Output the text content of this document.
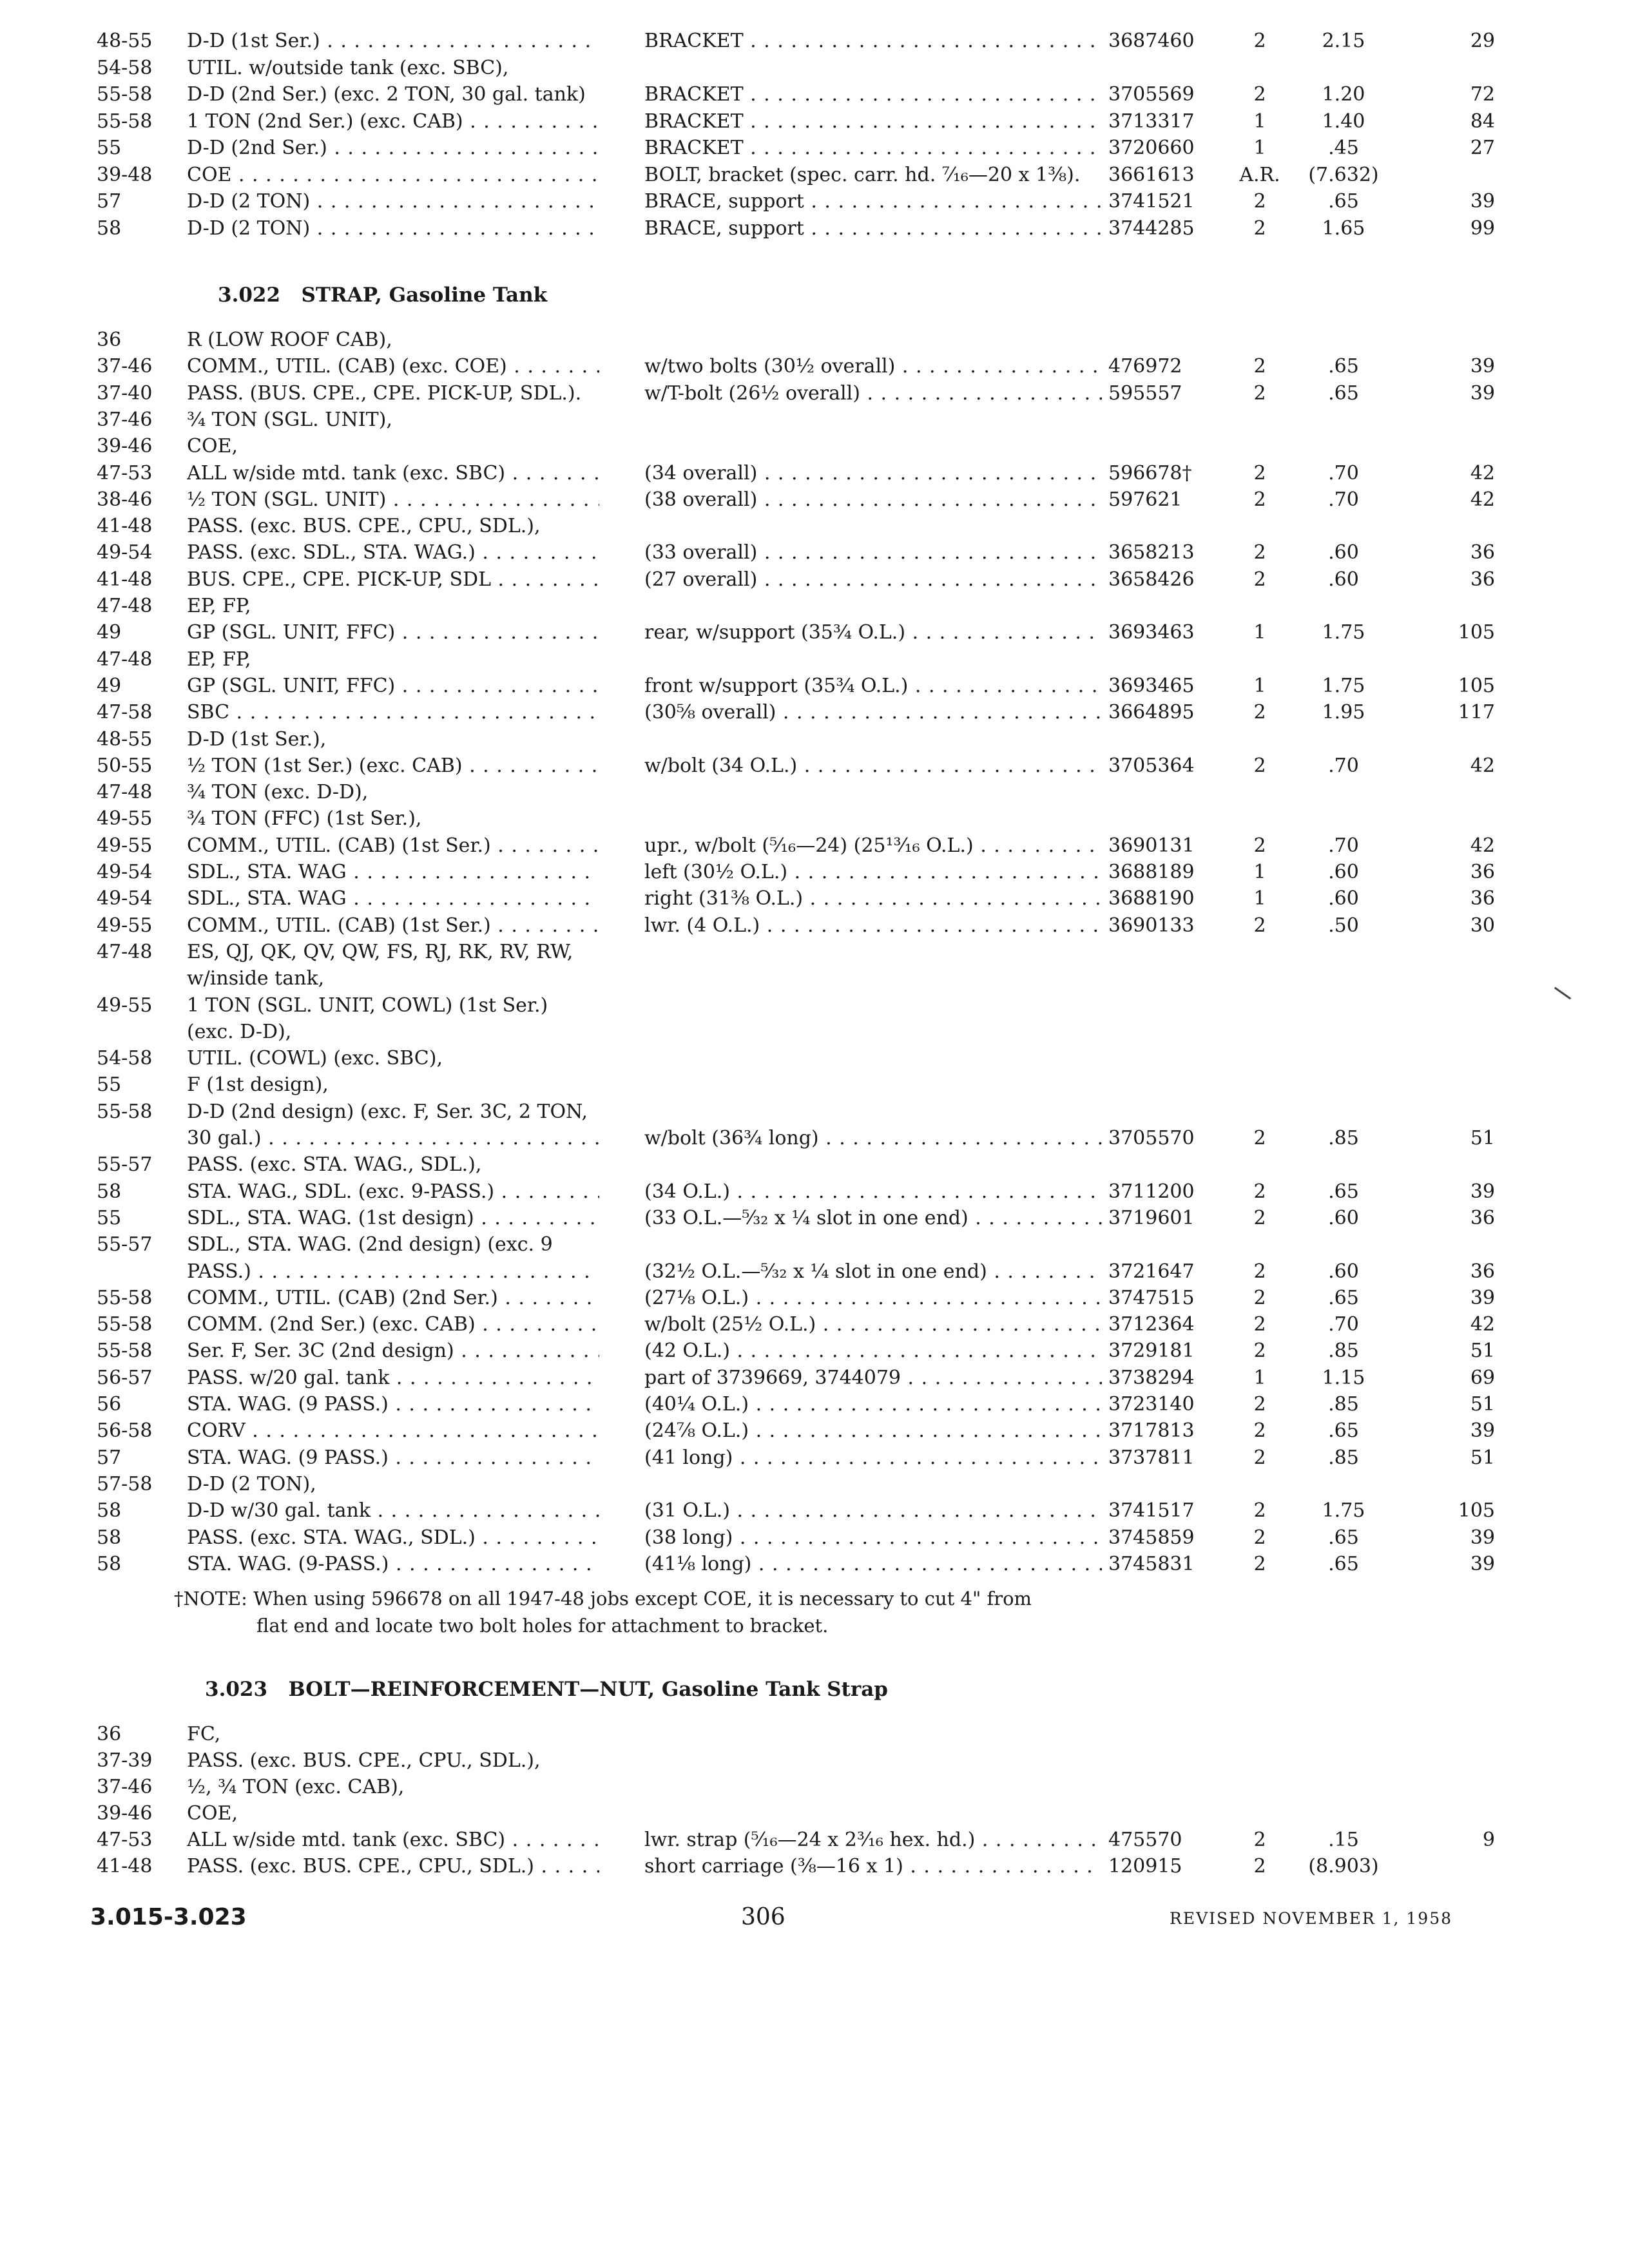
48-55	D-D (1st Ser.) . . .	BRACKET . . .	3687460	2	2.15	29
54-58	UTIL. w/outside tank (exc. SBC),
55-58	D-D (2nd Ser.) (exc. 2 TON, 30 gal. tank)	BRACKET . . .	3705569	2	1.20	72
55-58	1 TON (2nd Ser.) (exc. CAB) . . .	BRACKET . . .	3713317	1	1.40	84
55	D-D (2nd Ser.) . . .	BRACKET . . .	3720660	1	.45	27
39-48	COE . . .	BOLT, bracket (spec. carr. hd. ⁷⁄₁₆—20 x 1³⁄₈).	3661613	A.R.	(7.632)
57	D-D (2 TON) . . .	BRACE, support . . .	3741521	2	.65	39
58	D-D (2 TON) . . .	BRACE, support . . .	3744285	2	1.65	99
3.022 STRAP, Gasoline Tank
36	R (LOW ROOF CAB),
37-46	COMM., UTIL. (CAB) (exc. COE) . . .	w/two bolts (30½ overall) . . .	476972	2	.65	39
37-40	PASS. (BUS. CPE., CPE. PICK-UP, SDL.).	w/T-bolt (26½ overall) . . .	595557	2	.65	39
37-46	¾ TON (SGL. UNIT),
39-46	COE,
47-53	ALL w/side mtd. tank (exc. SBC) . . .	(34 overall) . . .	596678†	2	.70	42
38-46	½ TON (SGL. UNIT) . . .	(38 overall) . . .	597621	2	.70	42
41-48	PASS. (exc. BUS. CPE., CPU., SDL.),
49-54	PASS. (exc. SDL., STA. WAG.) . . .	(33 overall) . . .	3658213	2	.60	36
41-48	BUS. CPE., CPE. PICK-UP, SDL . . .	(27 overall) . . .	3658426	2	.60	36
47-48	EP, FP,
49	GP (SGL. UNIT, FFC) . . .	rear, w/support (35¾ O.L.) . . .	3693463	1	1.75	105
47-48	EP, FP,
49	GP (SGL. UNIT, FFC) . . .	front w/support (35¾ O.L.) . . .	3693465	1	1.75	105
47-58	SBC . . .	(30⅝ overall) . . .	3664895	2	1.95	117
48-55	D-D (1st Ser.),
50-55	½ TON (1st Ser.) (exc. CAB) . . .	w/bolt (34 O.L.) . . .	3705364	2	.70	42
47-48	¾ TON (exc. D-D),
49-55	¾ TON (FFC) (1st Ser.),
49-55	COMM., UTIL. (CAB) (1st Ser.) . . .	upr., w/bolt (⁵⁄₁₆—24) (25¹³⁄₁₆ O.L.) . . .	3690131	2	.70	42
49-54	SDL., STA. WAG . . .	left (30½ O.L.) . . .	3688189	1	.60	36
49-54	SDL., STA. WAG . . .	right (31⅜ O.L.) . . .	3688190	1	.60	36
49-55	COMM., UTIL. (CAB) (1st Ser.) . . .	lwr. (4 O.L.) . . .	3690133	2	.50	30
47-48	ES, QJ, QK, QV, QW, FS, RJ, RK, RV, RW,
w/inside tank,
49-55	1 TON (SGL. UNIT, COWL) (1st Ser.)
(exc. D-D),
54-58	UTIL. (COWL) (exc. SBC),
55	F (1st design),
55-58	D-D (2nd design) (exc. F, Ser. 3C, 2 TON,
30 gal.) . . .	w/bolt (36¾ long) . . .	3705570	2	.85	51
55-57	PASS. (exc. STA. WAG., SDL.),
58	STA. WAG., SDL. (exc. 9-PASS.) . . .	(34 O.L.) . . .	3711200	2	.65	39
55	SDL., STA. WAG. (1st design) . . .	(33 O.L.—⁵⁄₃₂ x ¼ slot in one end) . . .	3719601	2	.60	36
55-57	SDL., STA. WAG. (2nd design) (exc. 9
PASS.) . . .	(32½ O.L.—⁵⁄₃₂ x ¼ slot in one end) . . .	3721647	2	.60	36
55-58	COMM., UTIL. (CAB) (2nd Ser.) . . .	(27⅛ O.L.) . . .	3747515	2	.65	39
55-58	COMM. (2nd Ser.) (exc. CAB) . . .	w/bolt (25½ O.L.) . . .	3712364	2	.70	42
55-58	Ser. F, Ser. 3C (2nd design) . . .	(42 O.L.) . . .	3729181	2	.85	51
56-57	PASS. w/20 gal. tank . . .	part of 3739669, 3744079 . . .	3738294	1	1.15	69
56	STA. WAG. (9 PASS.) . . .	(40¼ O.L.) . . .	3723140	2	.85	51
56-58	CORV . . .	(24⅞ O.L.) . . .	3717813	2	.65	39
57	STA. WAG. (9 PASS.) . . .	(41 long) . . .	3737811	2	.85	51
57-58	D-D (2 TON),
58	D-D w/30 gal. tank . . .	(31 O.L.) . . .	3741517	2	1.75	105
58	PASS. (exc. STA. WAG., SDL.) . . .	(38 long) . . .	3745859	2	.65	39
58	STA. WAG. (9-PASS.) . . .	(41⅛ long) . . .	3745831	2	.65	39
†NOTE: When using 596678 on all 1947-48 jobs except COE, it is necessary to cut 4" from
flat end and locate two bolt holes for attachment to bracket.
3.023 BOLT—REINFORCEMENT—NUT, Gasoline Tank Strap
36	FC,
37-39	PASS. (exc. BUS. CPE., CPU., SDL.),
37-46	½, ¾ TON (exc. CAB),
39-46	COE,
47-53	ALL w/side mtd. tank (exc. SBC) . . .	lwr. strap (⁵⁄₁₆—24 x 2³⁄₁₆ hex. hd.) . . .	475570	2	.15	9
41-48	PASS. (exc. BUS. CPE., CPU., SDL.) . . .	short carriage (⅜—16 x 1) . . .	120915	2	(8.903)
3.015-3.023	306	REVISED NOVEMBER 1, 1958
